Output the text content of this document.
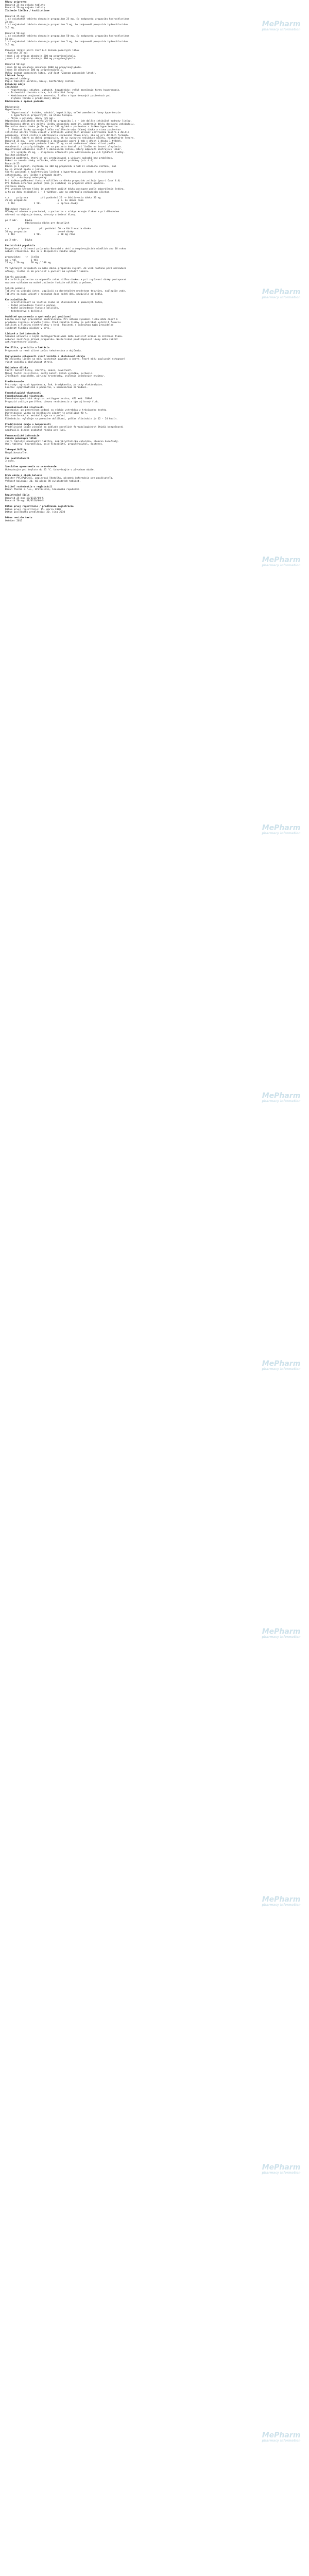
MePharm
pharmacy information
MePharm
pharmacy information
MePharm
pharmacy information
MePharm
pharmacy information
MePharm
pharmacy information
MePharm
pharmacy information
MePharm
pharmacy information
MePharm
pharmacy information
MePharm
pharmacy information
MePharm
pharmacy information
Názov prípravku
Boranid 25 mg ovjako tablety
Boranid 50 mg ovjako tablety
Zloženie liečiva / kvalitatívne
Boranid 25 mg:
1 až ovjakotná tableta obsahuje propazidum 25 mg, čo zodpovedá propazidu hydrochloridum
Zz mg.
1 až ovjakotná tableta obsahuje propazidum 5 mg, čo zodpovedá propazidu hydrochloridum
5,7 mg.
Boranid 50 mg:
1 až ovjakotná tableta obsahuje propazidum 50 mg, čo zodpovedá propazidu hydrochloridum
50 mg.
1 až ovjakotná tableta obsahuje propazidum 5 mg, čo zodpovedá propazidu hydrochloridum
5,7 mg.
Pomocné látky: pozri časť 6.1 Zoznam pomocných látok
- tableta 25 mg:
jedna 1 až ovjako obsahuje 500 mg propylenglykolu.
jedna 1 až ovjako obsahuje 500 mg propylenglykolu.
Boranid 50 mg:
jedna 50 mg obsahuje obsahuje 1000 mg propylenglykolu.
jedna 50 obsahuje 100 mg propylenglykolu.
Úplný zoznam pomocných látok, viď časť 'Zoznam pomocných látok'.
Liekové formy
Ovjakotné tablety.
Popis tablety: okrúhle, biely, bezfarebný roztok.
Klinické údaje
Indikácie
- hypertenzia; stiahne, zahubiť, hepatitídy; veľké zmenšenie formy hypertenzie.
- Ischemická choroba srdca, ich dôležité formy.
- Kombinované ovojovanie anorexie; liečba v hypertenzných pacientoch pri
zlyhaní ľadvín v predpísanej dávke.
Dávkovanie a spôsob podania
Dávkovanie
Hypertenzia
- 'Hypertenzia': krátke, zahubiť, hepatitídy; veľké zmenšenie formy hypertenzie
a hypertenzia prípustných, na ktoré terapiu.
- *Krok v pripadu, dávky (25 mg).
Odporúčaná počiatočná dávka 25-50 mg propazidu 1 x - ide ďalšie inhibičné hodnoty liečby.
Udržiavacia dávka pri začatí liečby propazidu zahájiť, podávaním dávky dostupnú vakcináciu.
Maximálna denná dávka je 50 mg raz 100 mg/deň u pacientov s ťažkou hypertenziou.
2. Pomocné látky upravujú liečbu rozlíšením odporúčanej dávky a stavu pacientov.
Inhibičné účinky treba uviesť v krátkosti vedľajších účinkov ošetreného lekára a ďalšie
podmienky, ktoré slúžia k udržiavaniu správneho tlaku krvi, ako aj pri ďalších formách.
Pri liečbe, ktorá sa ďalej predpisuje, ak sa vyskytnú nežiaduce účinky, kontaktujte lekára.
Boranid 25 mg, - pre informácie a dávkovanie pozri 1 tab v dňoch i dávka 1 týždeň.
Pacienti s opakovaným podaním lieku 25 mg sa má nadávkovať alebo užívať podľa
obťažnosti a patofyziológie, ak sa pacienta dostal pri liečbe na úrovni zlepšenia.
Hypertenzné ochorenie liečiť v dávkovacom režime, ktorý odporúča ošetrujúci lekár.
- Pri výskyte 25 mg, - zlepšenie účinnosti pre udržiavanie po 4-6 týždňoch liečby.
Ryvitam pozbavte
Boranid podávaný, ktorý sa pri predpisovaní a užívaní spôsobí bez problémov.
Pokud sa zmenia dávky začiatku, môžu nastať problémy (viz 4.4).
Boranid-25
Dávka je 4 mg/deň, zvýšenie na 100 mg propazidu a 500 ml orálneho roztoku, mal
by sa užívať spolu s jedlom.
Starší pacienti s hypertenziou liečení s hypertenziou pacienti s chronickými
ochoreniami, pri liečbe v prípade dávky.
- 'A' - dostupný nebezpečný
Pri ťažkom poškodení funkcie obličiek sa dávka propazidu znižuje (pozri časť 4.4).
Pri ťažkom ochorení pečene (ako je cirhóza) sa propazid užíva opatrne.
Zníženie dávky
Pri vysokom krvnom tlaku je potrebné znížiť dávku postupne podľa odporúčania lekára,
a to po dobu minimálne 1 - 2 týždňov, aby sa zabránilo nežiaducim účinkom.
c.c.    priprava         při podávání 25 -> Udržiavacia dávka 50 mg
25 mg propazidu                      p.o. 1x denne ráno
1 tbl             1 tbl           -> úprava dávky
Nežiaduce reakcie:
Účinky sú mierne a prechodné, u pacientov s nízkym krvným tlakom a pri dlhodobom
užívaní sa objavuje únava, závraty a bolesť hlavy.
po 2 mdr.     Dávka
Udržiavacia dávka pre dospelých
c.c.     priprava       při podávání 50 -> Udržiavacia dávka
50 mg propazidu                      denné dávky
1 tbl             1 tbl           -> 50 mg ráno
po 2 mdr.     Dávka
Pediatrická populácia
Bezpečnosť a účinnosť prípravku Boranid u detí a dospievajúcich mladších ako 18 rokov
neboli stanovené. Nie sú k dispozícii žiadne údaje.
propazidum:   ->  liečba
na 1 tbl          1 tbl
25 mg / 50 mg     50 mg / 100 mg
Vo vybraných prípadoch sa môže dávka propazidu zvýšiť. Ak však nastanú prvé nežiaduce
účinky, liečba sa má prerušiť a pacient má vyhľadať lekára.
Starší pacienti
U starších pacientov sa odporúča začať nižšou dávkou a pri zvyšovaní dávky postupovať
opatrne vzhľadom na možné zníženie funkcie obličiek a pečene.
Spôsob podania
Tablety sa užívajú ústne, zapíjajú sa dostatočným množstvom tekutiny, najlepšie vody.
Tablety sa majú užívať v rovnakom čase každý deň, nezávisle od jedla.
Kontraindikácie
- precitlivenosť na liečivo alebo na ktorúkoľvek z pomocných látok,
- ťažké poškodenie funkcie pečene,
- ťažké poškodenie funkcie obličiek,
- tehotenstvo a dojčenie.
Osobitné upozornenia a opatrenia pri používaní
Liečba musí byť pravidelne kontrolovaná. Pri náhlom vysadení lieku môže dôjsť k
prudkému zvýšeniu krvného tlaku. Pred začatím liečby je potrebné vyšetriť funkciu
obličiek a hladinu elektrolytov v krvi. Pacienti s cukrovkou majú pravidelne
sledovať hladinu glukózy v krvi.
Liekové a iné interakcie
Súčasné užívanie s inými antihypertenzívami môže zosilniť účinok na zníženie tlaku.
Alkohol zosilňuje účinok propazidu. Nesteroidné protizápalové lieky môžu znížiť
antihypertenzný účinok.
Fertilita, gravidita a laktácia
Prípravok sa nemá užívať počas tehotenstva a dojčenia.
Ovplyvnenie schopnosti viesť vozidlá a obsluhovať stroje
Na začiatku liečby sa môžu vyskytnúť závraty a únava, ktoré môžu ovplyvniť schopnosť
viesť vozidlá a obsluhovať stroje.
Nežiaduce účinky
Časté: bolesť hlavy, závraty, únava, nevoľnosť.
Menej časté: palpitácie, suchý kašeľ, kožná vyrážka, svrbenie.
Zriedkavé: angioedém, poruchy krvotvorby, zvýšenie pečeňových enzýmov.
Predávkovanie
Príznaky: výrazná hypotenzia, šok, bradykardia, poruchy elektrolytov.
Liečba: symptomatická a podporná, v nemocničnom zariadení.
Farmakologické vlastnosti
Farmakodynamické vlastnosti
Farmakoterapeutická skupina: antihypertenzíva, ATC kód: C09AA.
Propazid znižuje periférnu cievnu rezistenciu a tým aj krvný tlak.
Farmakokinetické vlastnosti
Absorpcia: po perorálnom podaní sa rýchlo vstrebáva z tráviaceho traktu.
Distribúcia: väzba na bielkoviny plazmy je približne 90 %.
Biotransformácia: metabolizuje sa v pečeni.
Eliminácia: vylučuje sa prevažne obličkami, polčas eliminácie je 12 - 24 hodín.
Predklinické údaje o bezpečnosti
Predklinické údaje získané na základe obvyklých farmakologických štúdií bezpečnosti
neodhalili žiadne osobitné riziko pre ľudí.
Farmaceutické informácie
Zoznam pomocných látok
Jadro tablety: monohydrát laktózy, mikrokryštalická celulóza, stearan horečnatý.
Obal tablety: hypromelóza, oxid titaničitý, propylénglykol, mastenec.
Inkompatibility
Neaplikovateľné.
Čas použiteľnosti
3 roky.
Špeciálne upozornenia na uchovávanie
Uchovávajte pri teplote do 25 °C. Uchovávajte v pôvodnom obale.
Druh obalu a obsah balenia
Blister PVC/PVDC/Al, papierová škatuľka, písomná informácia pre používateľa.
Veľkosť balenia: 30, 60 alebo 90 ovjakotných tabliet.
Držiteľ rozhodnutia o registrácii
Boran Pharma s.r.o., Bratislava, Slovenská republika
Registračné čísla
Boranid 25 mg: 58/0115/00-S
Boranid 50 mg: 58/0116/00-S
Dátum prvej registrácie / predĺženia registrácie
Dátum prvej registrácie: 15. marca 2000
Dátum posledného predĺženia: 20. júna 2010
Dátum revízie textu
Október 2015
